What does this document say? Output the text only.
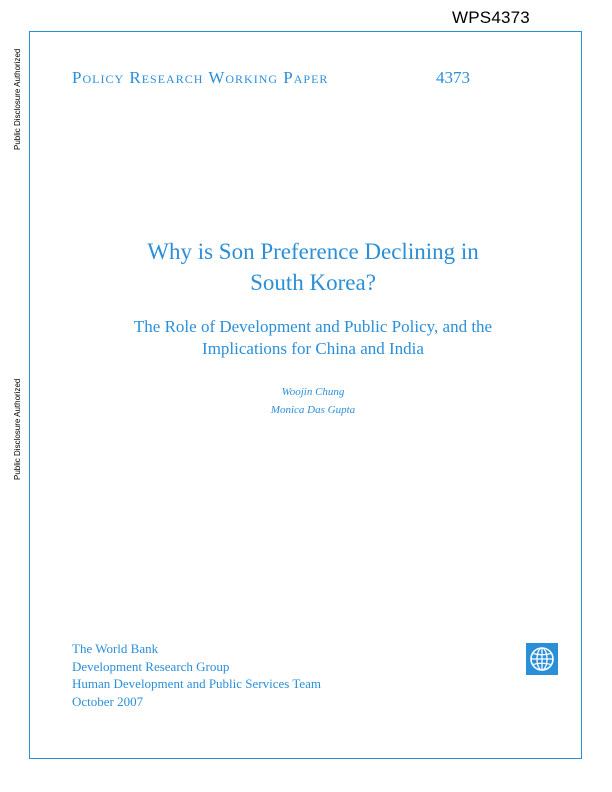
WPS4373
Public Disclosure Authorized
Public Disclosure Authorized
Policy Research Working Paper	4373
Why is Son Preference Declining in
South Korea?
The Role of Development and Public Policy, and the
Implications for China and India
Woojin Chung
Monica Das Gupta
The World Bank
Development Research Group
Human Development and Public Services Team
October 2007
